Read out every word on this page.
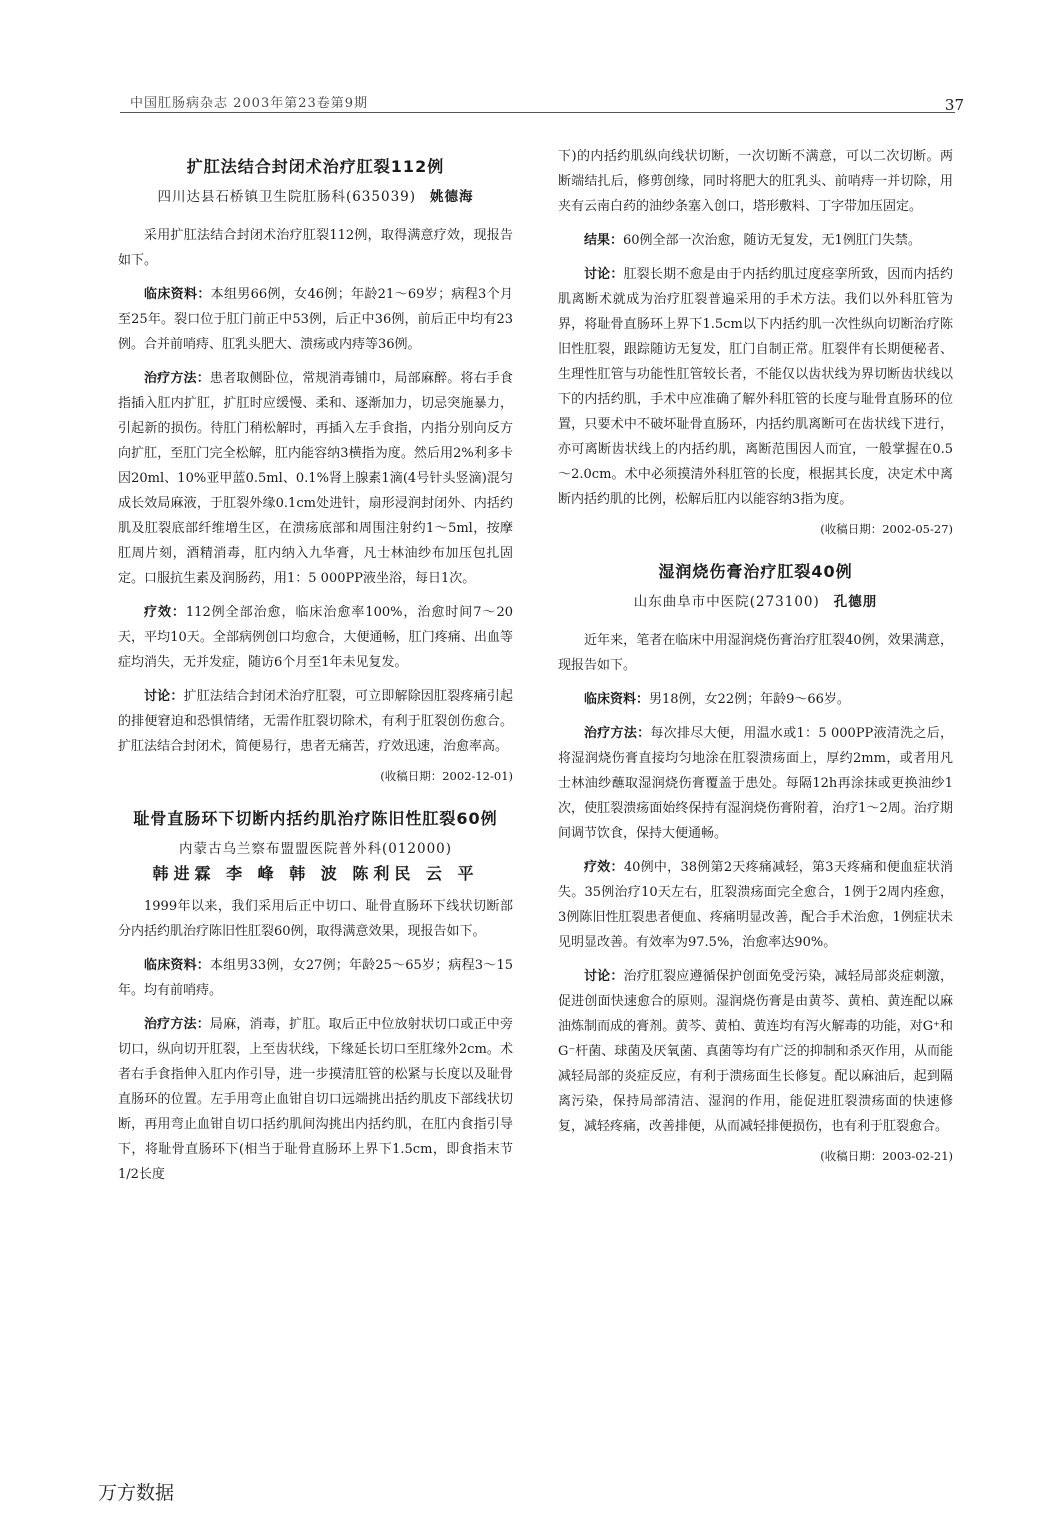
中国肛肠病杂志 2003年第23卷第9期	37
扩肛法结合封闭术治疗肛裂112例
四川达县石桥镇卫生院肛肠科(635039) 姚德海

采用扩肛法结合封闭术治疗肛裂112例，取得满意疗效，现报告如下。

临床资料：本组男66例，女46例；年龄21～69岁；病程3个月至25年。裂口位于肛门前正中53例，后正中36例，前后正中均有23例。合并前哨痔、肛乳头肥大、溃疡或内痔等36例。

治疗方法：患者取侧卧位，常规消毒铺巾，局部麻醉。将右手食指插入肛内扩肛，扩肛时应缓慢、柔和、逐渐加力，切忌突施暴力，引起新的损伤。待肛门稍松解时，再插入左手食指，内指分别向反方向扩肛，至肛门完全松解，肛内能容纳3横指为度。然后用2%利多卡因20ml、10%亚甲蓝0.5ml、0.1%肾上腺素1滴(4号针头竖滴)混匀成长效局麻液，于肛裂外缘0.1cm处进针，扇形浸润封闭外、内括约肌及肛裂底部纤维增生区，在溃疡底部和周围注射约1～5ml，按摩肛周片刻，酒精消毒，肛内纳入九华膏，凡士林油纱布加压包扎固定。口服抗生素及润肠药，用1：5 000PP液坐浴，每日1次。

疗效：112例全部治愈，临床治愈率100%，治愈时间7～20天，平均10天。全部病例创口均愈合，大便通畅，肛门疼痛、出血等症均消失，无并发症，随访6个月至1年未见复发。

讨论：扩肛法结合封闭术治疗肛裂，可立即解除因肛裂疼痛引起的排便窘迫和恐惧情绪，无需作肛裂切除术，有利于肛裂创伤愈合。扩肛法结合封闭术，简便易行，患者无痛苦，疗效迅速，治愈率高。

(收稿日期：2002-12-01)
耻骨直肠环下切断内括约肌治疗陈旧性肛裂60例
内蒙古乌兰察布盟盟医院普外科(012000)
韩进霖 李 峰 韩 波 陈利民 云 平

1999年以来，我们采用后正中切口、耻骨直肠环下线状切断部分内括约肌治疗陈旧性肛裂60例，取得满意效果，现报告如下。

临床资料：本组男33例，女27例；年龄25～65岁；病程3～15年。均有前哨痔。

治疗方法：局麻，消毒，扩肛。取后正中位放射状切口或正中旁切口，纵向切开肛裂，上至齿状线，下缘延长切口至肛缘外2cm。术者右手食指伸入肛内作引导，进一步摸清肛管的松紧与长度以及耻骨直肠环的位置。左手用弯止血钳自切口远端挑出括约肌皮下部线状切断，再用弯止血钳自切口括约肌间沟挑出内括约肌，在肛内食指引导下，将耻骨直肠环下(相当于耻骨直肠环上界下1.5cm，即食指末节1/2长度

下)的内括约肌纵向线状切断，一次切断不满意，可以二次切断。两断端结扎后，修剪创缘，同时将肥大的肛乳头、前哨痔一并切除，用夹有云南白药的油纱条塞入创口，塔形敷料、丁字带加压固定。

结果：60例全部一次治愈，随访无复发，无1例肛门失禁。

讨论：肛裂长期不愈是由于内括约肌过度痉挛所致，因而内括约肌离断术就成为治疗肛裂普遍采用的手术方法。我们以外科肛管为界，将耻骨直肠环上界下1.5cm以下内括约肌一次性纵向切断治疗陈旧性肛裂，跟踪随访无复发，肛门自制正常。肛裂伴有长期便秘者、生理性肛管与功能性肛管较长者，不能仅以齿状线为界切断齿状线以下的内括约肌，手术中应准确了解外科肛管的长度与耻骨直肠环的位置，只要术中不破坏耻骨直肠环，内括约肌离断可在齿状线下进行，亦可离断齿状线上的内括约肌，离断范围因人而宜，一般掌握在0.5～2.0cm。术中必须摸清外科肛管的长度，根据其长度，决定术中离断内括约肌的比例，松解后肛内以能容纳3指为度。

(收稿日期：2002-05-27)
湿润烧伤膏治疗肛裂40例
山东曲阜市中医院(273100) 孔德朋

近年来，笔者在临床中用湿润烧伤膏治疗肛裂40例，效果满意，现报告如下。

临床资料：男18例，女22例；年龄9～66岁。

治疗方法：每次排尽大便，用温水或1：5 000PP液清洗之后，将湿润烧伤膏直接均匀地涂在肛裂溃疡面上，厚约2mm，或者用凡士林油纱蘸取湿润烧伤膏覆盖于患处。每隔12h再涂抹或更换油纱1次，使肛裂溃疡面始终保持有湿润烧伤膏附着，治疗1～2周。治疗期间调节饮食，保持大便通畅。

疗效：40例中，38例第2天疼痛减轻，第3天疼痛和便血症状消失。35例治疗10天左右，肛裂溃疡面完全愈合，1例于2周内痊愈，3例陈旧性肛裂患者便血、疼痛明显改善，配合手术治愈，1例症状未见明显改善。有效率为97.5%，治愈率达90%。

讨论：治疗肛裂应遵循保护创面免受污染，减轻局部炎症刺激，促进创面快速愈合的原则。湿润烧伤膏是由黄芩、黄柏、黄连配以麻油炼制而成的膏剂。黄芩、黄柏、黄连均有泻火解毒的功能，对G⁺和G⁻杆菌、球菌及厌氧菌、真菌等均有广泛的抑制和杀灭作用，从而能减轻局部的炎症反应，有利于溃疡面生长修复。配以麻油后，起到隔离污染，保持局部清洁、湿润的作用，能促进肛裂溃疡面的快速修复，减轻疼痛，改善排便，从而减轻排便损伤，也有利于肛裂愈合。

(收稿日期：2003-02-21)
万方数据
